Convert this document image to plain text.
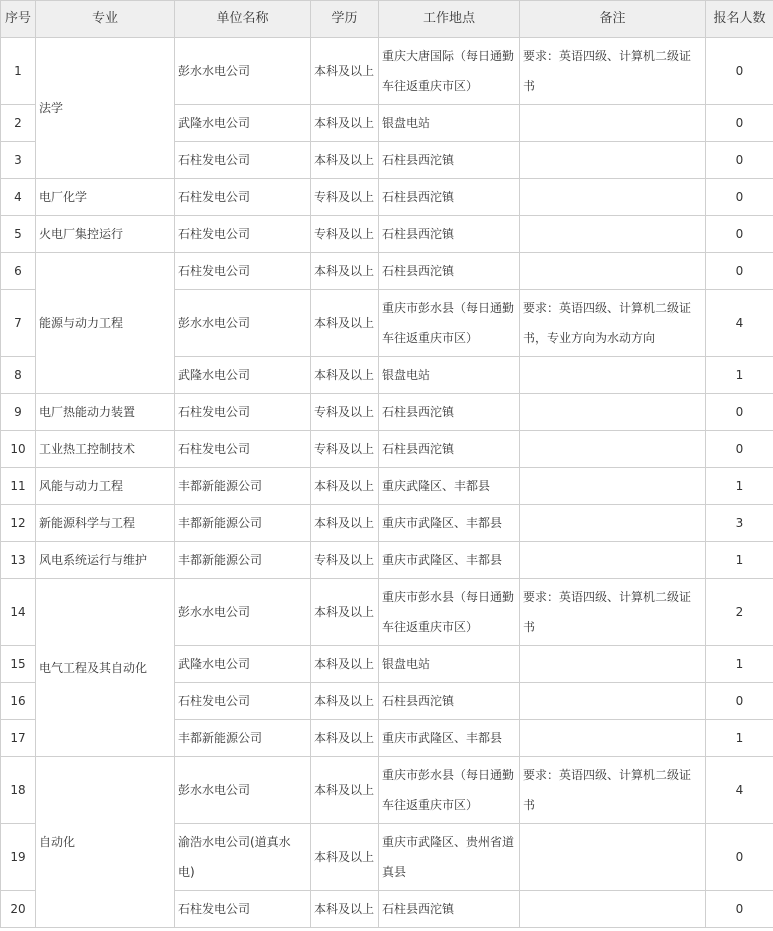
序号	专业	单位名称	学历	工作地点	备注	报名人数
1	法学	彭水水电公司	本科及以上	重庆大唐国际（每日通勤车往返重庆市区）	要求：英语四级、计算机二级证书	0
2		武隆水电公司	本科及以上	银盘电站		0
3		石柱发电公司	本科及以上	石柱县西沱镇		0
4	电厂化学	石柱发电公司	专科及以上	石柱县西沱镇		0
5	火电厂集控运行	石柱发电公司	专科及以上	石柱县西沱镇		0
6	能源与动力工程	石柱发电公司	本科及以上	石柱县西沱镇		0
7		彭水水电公司	本科及以上	重庆市彭水县（每日通勤车往返重庆市区）	要求：英语四级、计算机二级证书，专业方向为水动方向	4
8		武隆水电公司	本科及以上	银盘电站		1
9	电厂热能动力装置	石柱发电公司	专科及以上	石柱县西沱镇		0
10	工业热工控制技术	石柱发电公司	专科及以上	石柱县西沱镇		0
11	风能与动力工程	丰都新能源公司	本科及以上	重庆武隆区、丰都县		1
12	新能源科学与工程	丰都新能源公司	本科及以上	重庆市武隆区、丰都县		3
13	风电系统运行与维护	丰都新能源公司	专科及以上	重庆市武隆区、丰都县		1
14	电气工程及其自动化	彭水水电公司	本科及以上	重庆市彭水县（每日通勤车往返重庆市区）	要求：英语四级、计算机二级证书	2
15		武隆水电公司	本科及以上	银盘电站		1
16		石柱发电公司	本科及以上	石柱县西沱镇		0
17		丰都新能源公司	本科及以上	重庆市武隆区、丰都县		1
18	自动化	彭水水电公司	本科及以上	重庆市彭水县（每日通勤车往返重庆市区）	要求：英语四级、计算机二级证书	4
19		渝浩水电公司(道真水电)	本科及以上	重庆市武隆区、贵州省道真县		0
20		石柱发电公司	本科及以上	石柱县西沱镇		0
